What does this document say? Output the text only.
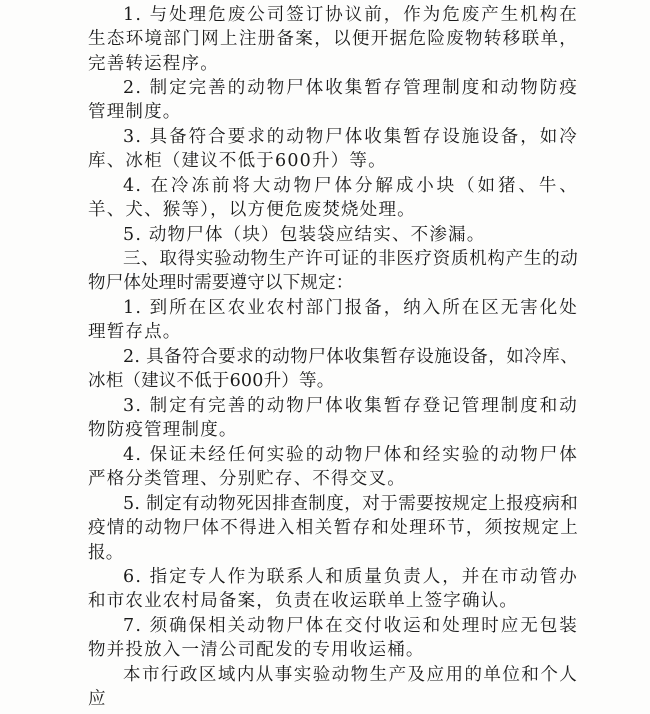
1. 与处理危废公司签订协议前，作为危废产生机构在生态环境部门网上注册备案，以便开据危险废物转移联单，完善转运程序。

2. 制定完善的动物尸体收集暂存管理制度和动物防疫管理制度。

3. 具备符合要求的动物尸体收集暂存设施设备，如冷库、冰柜（建议不低于600升）等。

4. 在冷冻前将大动物尸体分解成小块（如猪、牛、羊、犬、猴等），以方便危废焚烧处理。

5. 动物尸体（块）包装袋应结实、不渗漏。

三、取得实验动物生产许可证的非医疗资质机构产生的动物尸体处理时需要遵守以下规定：

1. 到所在区农业农村部门报备，纳入所在区无害化处理暂存点。

2. 具备符合要求的动物尸体收集暂存设施设备，如冷库、冰柜（建议不低于600升）等。

3. 制定有完善的动物尸体收集暂存登记管理制度和动物防疫管理制度。

4. 保证未经任何实验的动物尸体和经实验的动物尸体严格分类管理、分别贮存、不得交叉。

5. 制定有动物死因排查制度，对于需要按规定上报疫病和疫情的动物尸体不得进入相关暂存和处理环节，须按规定上报。

6. 指定专人作为联系人和质量负责人，并在市动管办和市农业农村局备案，负责在收运联单上签字确认。

7. 须确保相关动物尸体在交付收运和处理时应无包装物并投放入一清公司配发的专用收运桶。

本市行政区域内从事实验动物生产及应用的单位和个人应
